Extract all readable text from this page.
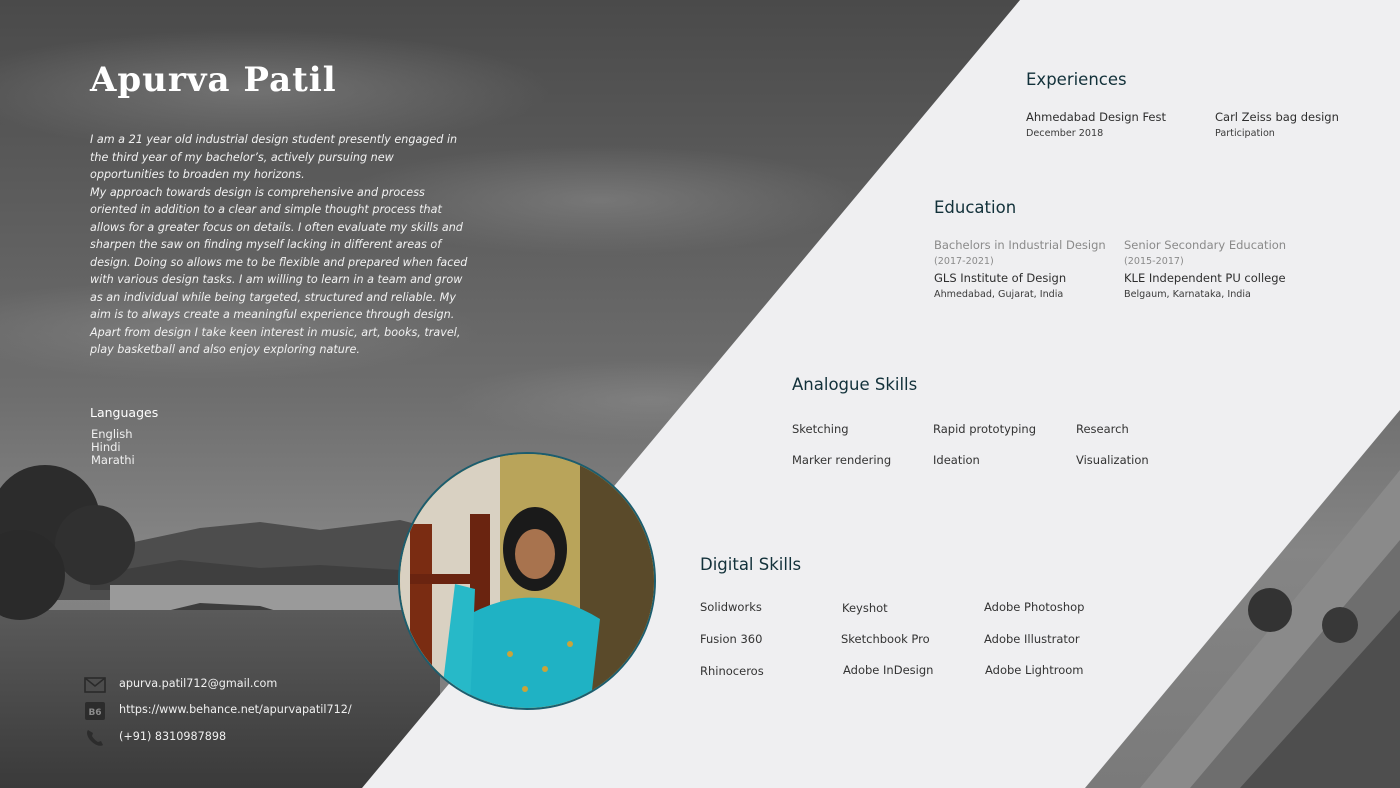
Apurva Patil

I am a 21 year old industrial design student presently engaged in the third year of my bachelor’s, actively pursuing new opportunities to broaden my horizons.

My approach towards design is comprehensive and process oriented in addition to a clear and simple thought process that allows for a greater focus on details. I often evaluate my skills and sharpen the saw on finding myself lacking in different areas of design. Doing so allows me to be flexible and prepared when faced with various design tasks. I am willing to learn in a team and grow as an individual while being targeted, structured and reliable. My aim is to always create a meaningful experience through design.

Apart from design I take keen interest in music, art, books, travel, play basketball and also enjoy exploring nature.

Languages
English
Hindi
Marathi
apurva.patil712@gmail.com
B6 https://www.behance.net/apurvapatil712/
(+91) 8310987898
Experiences
Ahmedabad Design Fest
December 2018
Carl Zeiss bag design
Participation
Education
Bachelors in Industrial Design
(2017-2021)
GLS Institute of Design
Ahmedabad, Gujarat, India
Senior Secondary Education
(2015-2017)
KLE Independent PU college
Belgaum, Karnataka, India
Analogue Skills
Sketching	Rapid prototyping	Research
Marker rendering	Ideation	Visualization
Digital Skills
Solidworks	Keyshot	Adobe Photoshop
Fusion 360	Sketchbook Pro	Adobe Illustrator
Rhinoceros	Adobe InDesign	Adobe Lightroom
